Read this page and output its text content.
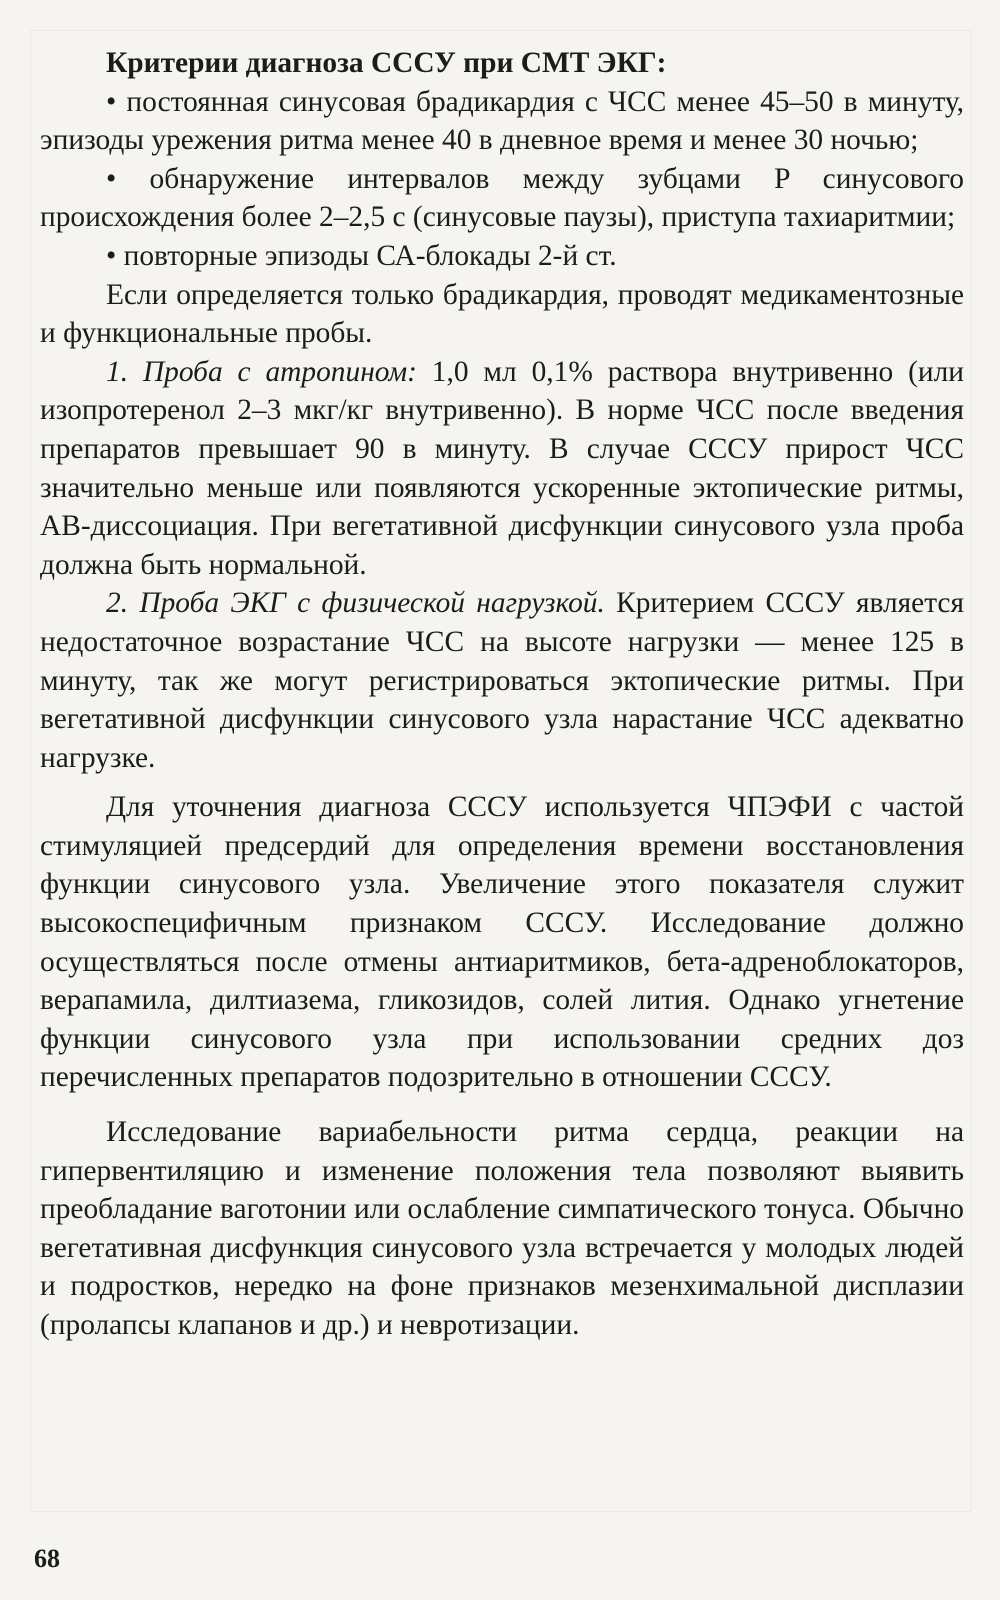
Критерии диагноза СССУ при СМТ ЭКГ:

• постоянная синусовая брадикардия с ЧСС менее 45–50 в минуту, эпизоды урежения ритма менее 40 в дневное время и менее 30 ночью;

• обнаружение интервалов между зубцами P синусового происхождения более 2–2,5 с (синусовые паузы), приступа тахиаритмии;

• повторные эпизоды СА-блокады 2-й ст.

Если определяется только брадикардия, проводят медикаментозные и функциональные пробы.

1. Проба с атропином: 1,0 мл 0,1% раствора внутривенно (или изопротеренол 2–3 мкг/кг внутривенно). В норме ЧСС после введения препаратов превышает 90 в минуту. В случае СССУ прирост ЧСС значительно меньше или появляются ускоренные эктопические ритмы, АВ-диссоциация. При вегетативной дисфункции синусового узла проба должна быть нормальной.

2. Проба ЭКГ с физической нагрузкой. Критерием СССУ является недостаточное возрастание ЧСС на высоте нагрузки — менее 125 в минуту, так же могут регистрироваться эктопические ритмы. При вегетативной дисфункции синусового узла нарастание ЧСС адекватно нагрузке.

Для уточнения диагноза СССУ используется ЧПЭФИ с частой стимуляцией предсердий для определения времени восстановления функции синусового узла. Увеличение этого показателя служит высокоспецифичным признаком СССУ. Исследование должно осуществляться после отмены антиаритмиков, бета-адреноблокаторов, верапамила, дилтиазема, гликозидов, солей лития. Однако угнетение функции синусового узла при использовании средних доз перечисленных препаратов подозрительно в отношении СССУ.

Исследование вариабельности ритма сердца, реакции на гипервентиляцию и изменение положения тела позволяют выявить преобладание ваготонии или ослабление симпатического тонуса. Обычно вегетативная дисфункция синусового узла встречается у молодых людей и подростков, нередко на фоне признаков мезенхимальной дисплазии (пролапсы клапанов и др.) и невротизации.

68
